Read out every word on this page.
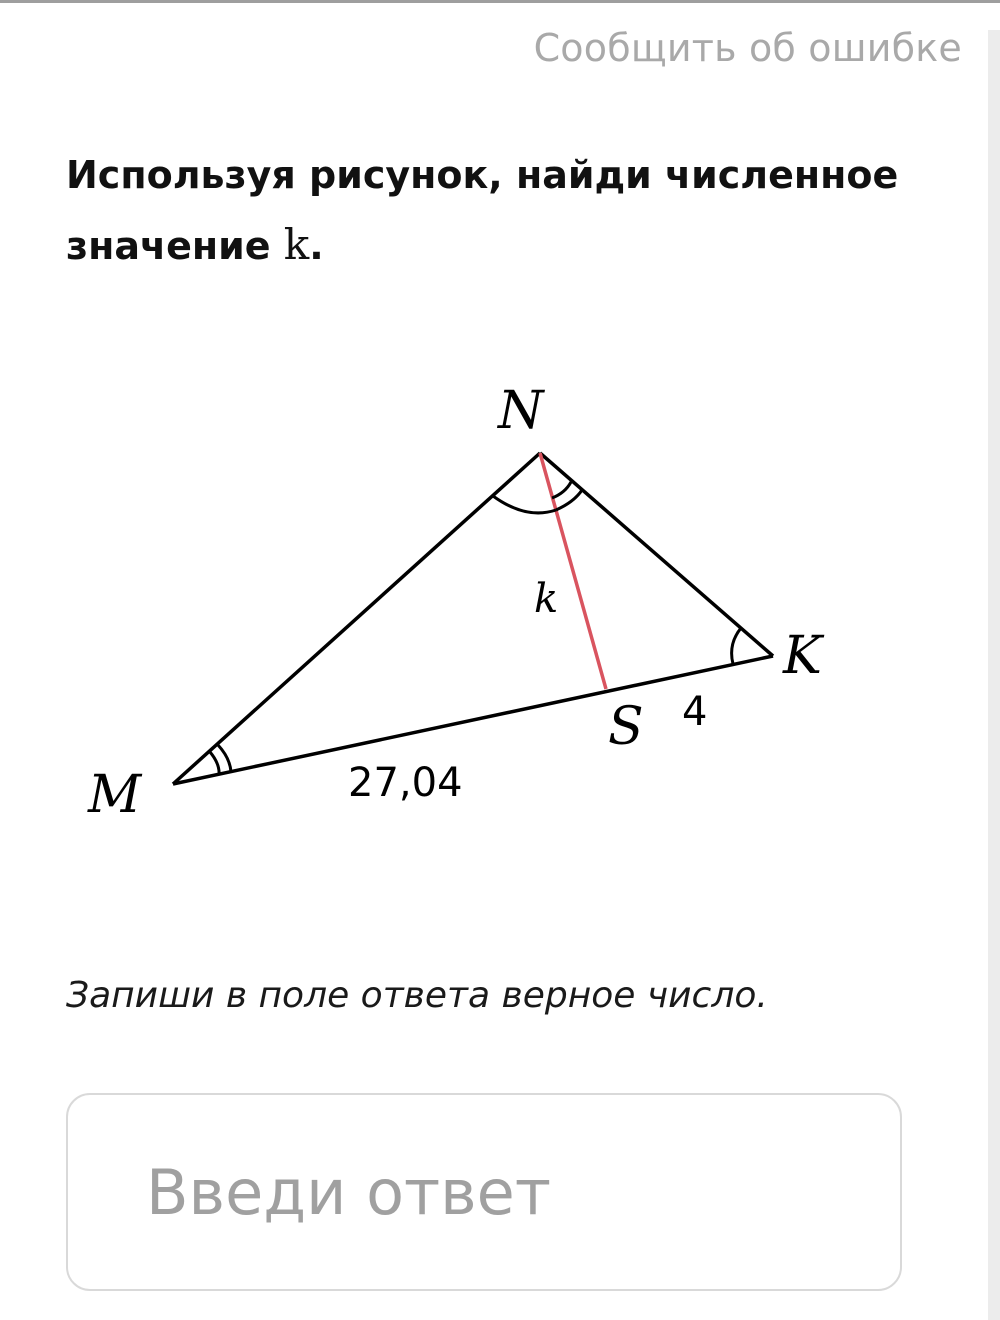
Сообщить об ошибке
Используя рисунок, найди численное значение k.
N
K
M
S
k
27,04
4
Запиши в поле ответа верное число.
Введи ответ
